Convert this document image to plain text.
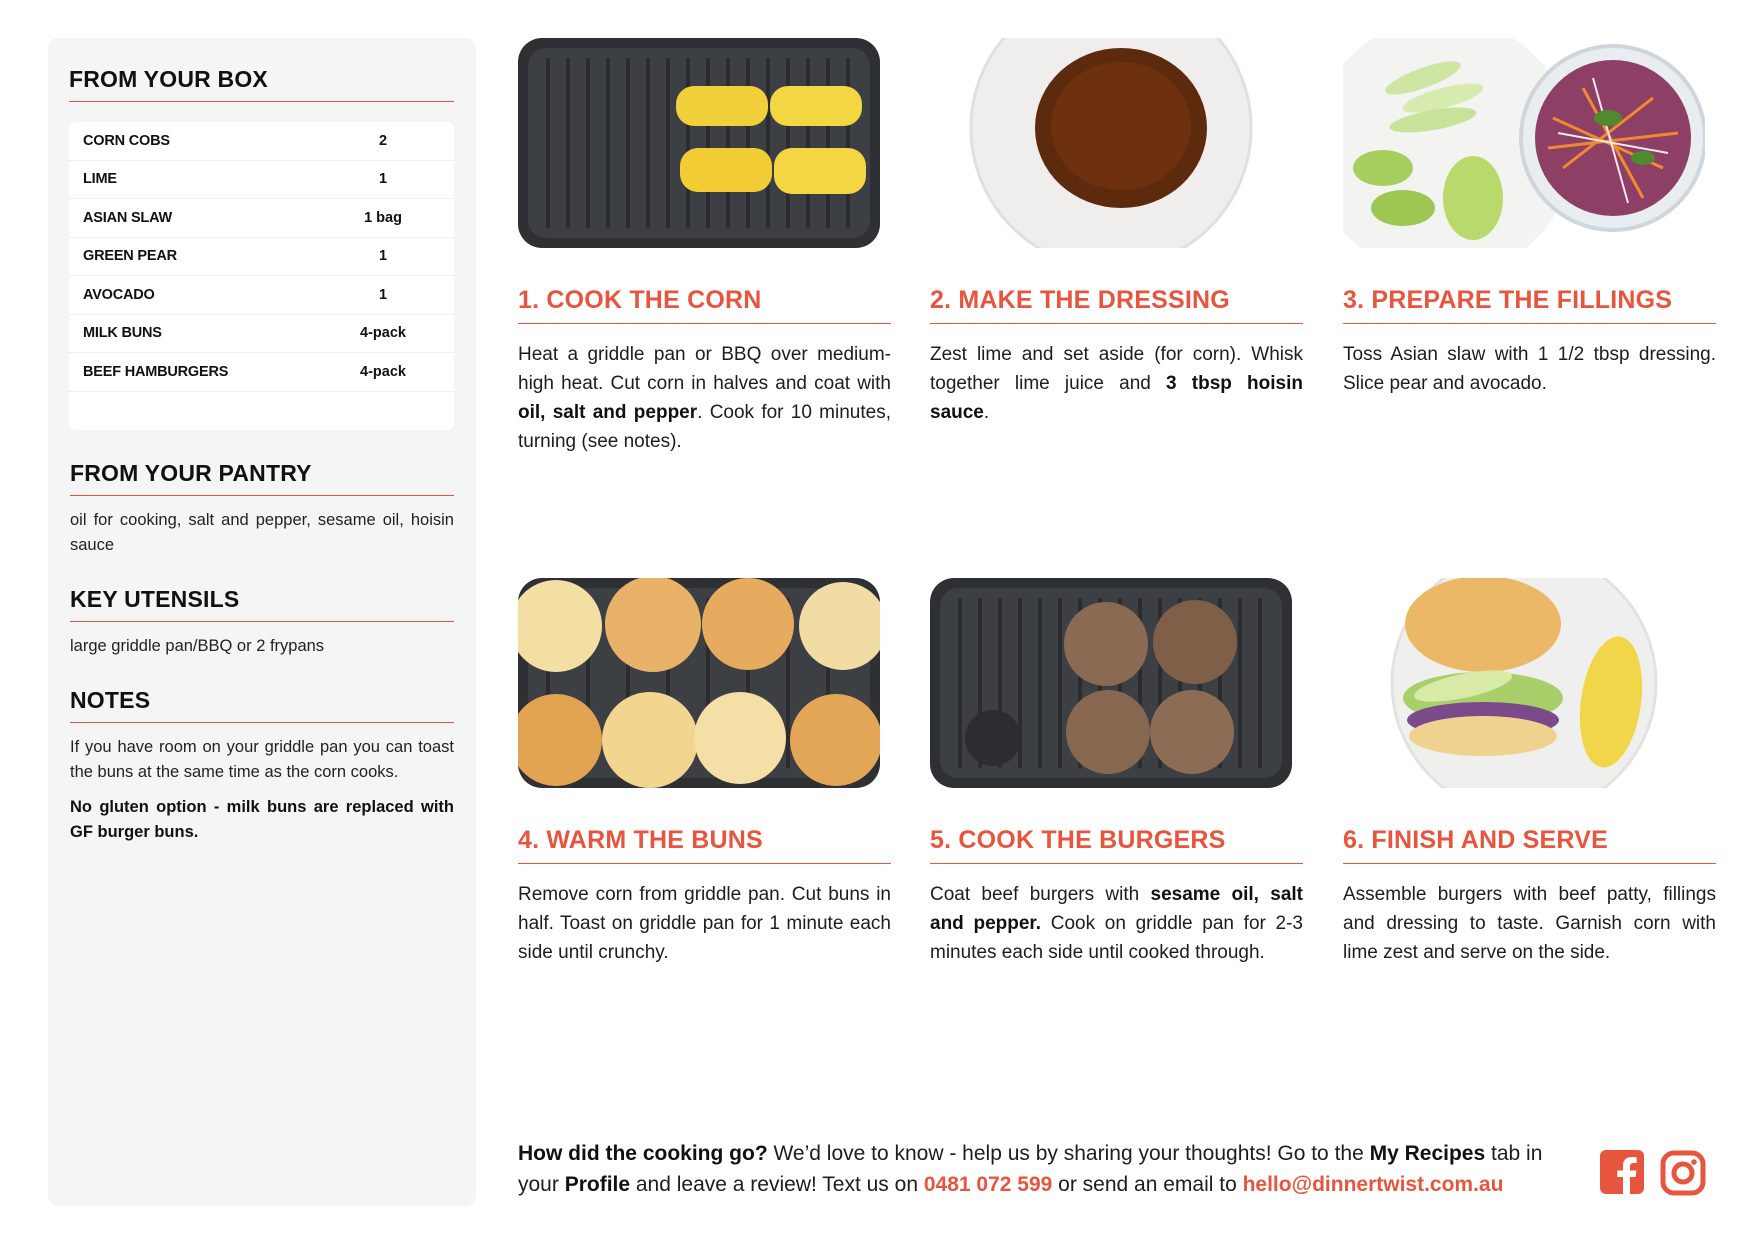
FROM YOUR BOX
CORN COBS	2
LIME	1
ASIAN SLAW	1 bag
GREEN PEAR	1
AVOCADO	1
MILK BUNS	4-pack
BEEF HAMBURGERS	4-pack
FROM YOUR PANTRY
oil for cooking, salt and pepper, sesame oil, hoisin sauce
KEY UTENSILS
large griddle pan/BBQ or 2 frypans
NOTES
If you have room on your griddle pan you can toast the buns at the same time as the corn cooks.
No gluten option - milk buns are replaced with GF burger buns.
1. COOK THE CORN
Heat a griddle pan or BBQ over medium-high heat. Cut corn in halves and coat with oil, salt and pepper. Cook for 10 minutes, turning (see notes).
2. MAKE THE DRESSING
Zest lime and set aside (for corn). Whisk together lime juice and 3 tbsp hoisin sauce.
3. PREPARE THE FILLINGS
Toss Asian slaw with 1 1/2 tbsp dressing. Slice pear and avocado.
4. WARM THE BUNS
Remove corn from griddle pan. Cut buns in half. Toast on griddle pan for 1 minute each side until crunchy.
5. COOK THE BURGERS
Coat beef burgers with sesame oil, salt and pepper. Cook on griddle pan for 2-3 minutes each side until cooked through.
6. FINISH AND SERVE
Assemble burgers with beef patty, fillings and dressing to taste. Garnish corn with lime zest and serve on the side.
How did the cooking go? We’d love to know - help us by sharing your thoughts! Go to the My Recipes tab in your Profile and leave a review! Text us on 0481 072 599 or send an email to hello@dinnertwist.com.au
